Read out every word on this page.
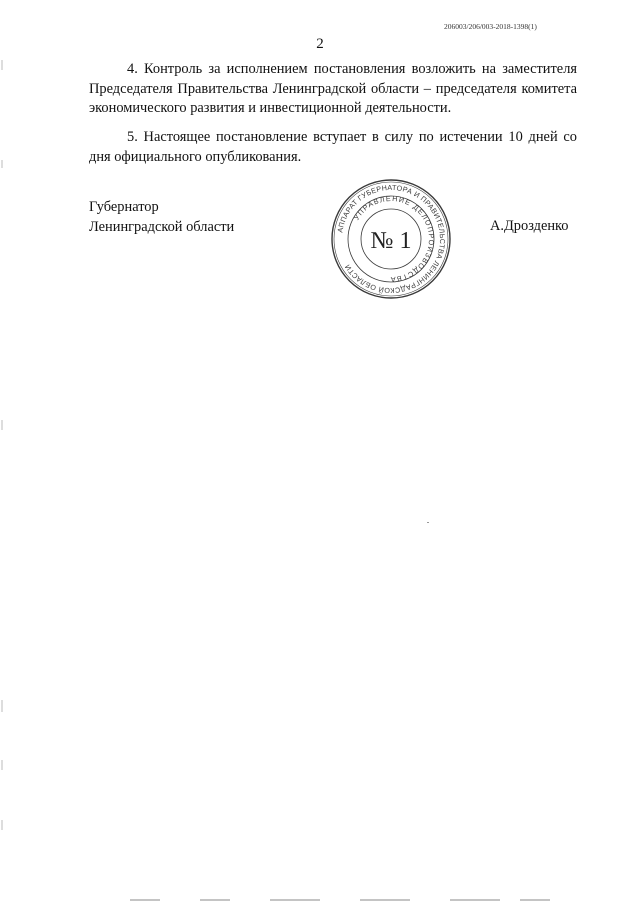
206003/206/003-2018-1398(1)
2

4. Контроль за исполнением постановления возложить на заместителя Председателя Правительства Ленинградской области – председателя комитета экономического развития и инвестиционной деятельности.

5. Настоящее постановление вступает в силу по истечении 10 дней со дня официального опубликования.

Губернатор
Ленинградской области	АППАРАТ ГУБЕРНАТОРА И ПРАВИТЕЛЬСТВА ЛЕНИНГРАДСКОЙ ОБЛАСТИ
УПРАВЛЕНИЕ ДЕЛОПРОИЗВОДСТВА
№ 1
А.Дрозденко
